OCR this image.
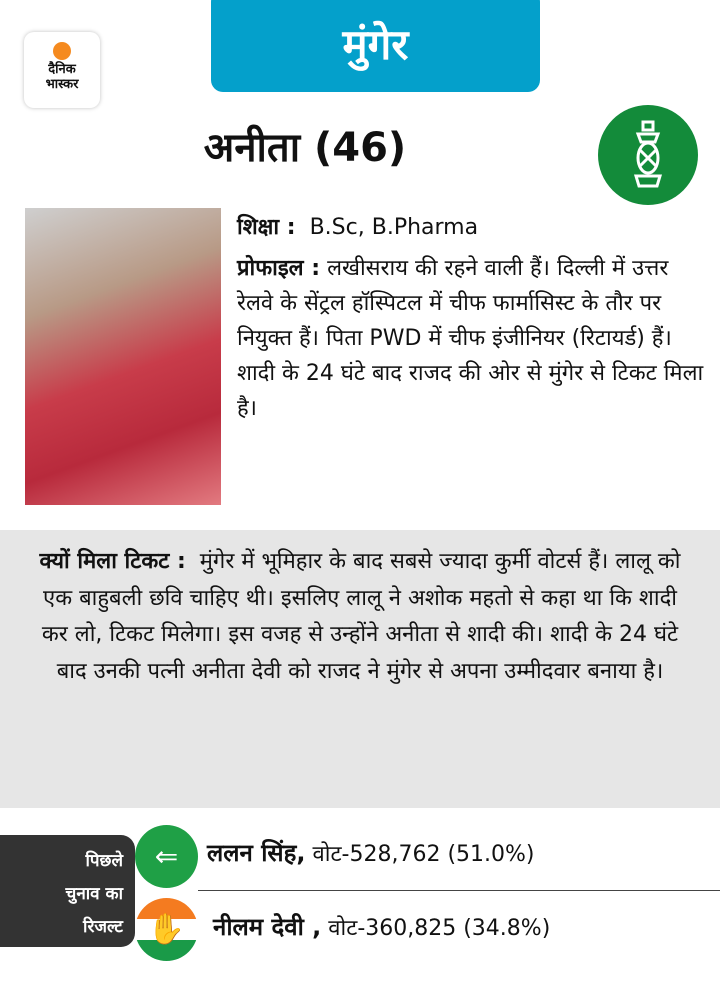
दैनिक
भास्कर
मुंगेर
अनीता (46)
शिक्षा : B.Sc, B.Pharma
प्रोफाइल : लखीसराय की रहने वाली हैं। दिल्ली में उत्तर रेलवे के सेंट्रल हॉस्पिटल में चीफ फार्मासिस्ट के तौर पर नियुक्त हैं। पिता PWD में चीफ इंजीनियर (रिटायर्ड) हैं। शादी के 24 घंटे बाद राजद की ओर से मुंगेर से टिकट मिला है।
क्यों मिला टिकट : मुंगेर में भूमिहार के बाद सबसे ज्यादा कुर्मी वोटर्स हैं। लालू को एक बाहुबली छवि चाहिए थी। इसलिए लालू ने अशोक महतो से कहा था कि शादी कर लो, टिकट मिलेगा। इस वजह से उन्होंने अनीता से शादी की। शादी के 24 घंटे बाद उनकी पत्नी अनीता देवी को राजद ने मुंगेर से अपना उम्मीदवार बनाया है।
पिछले
चुनाव का
रिजल्ट
⇐
✋
ललन सिंह, वोट-528,762 (51.0%)
नीलम देवी , वोट-360,825 (34.8%)
